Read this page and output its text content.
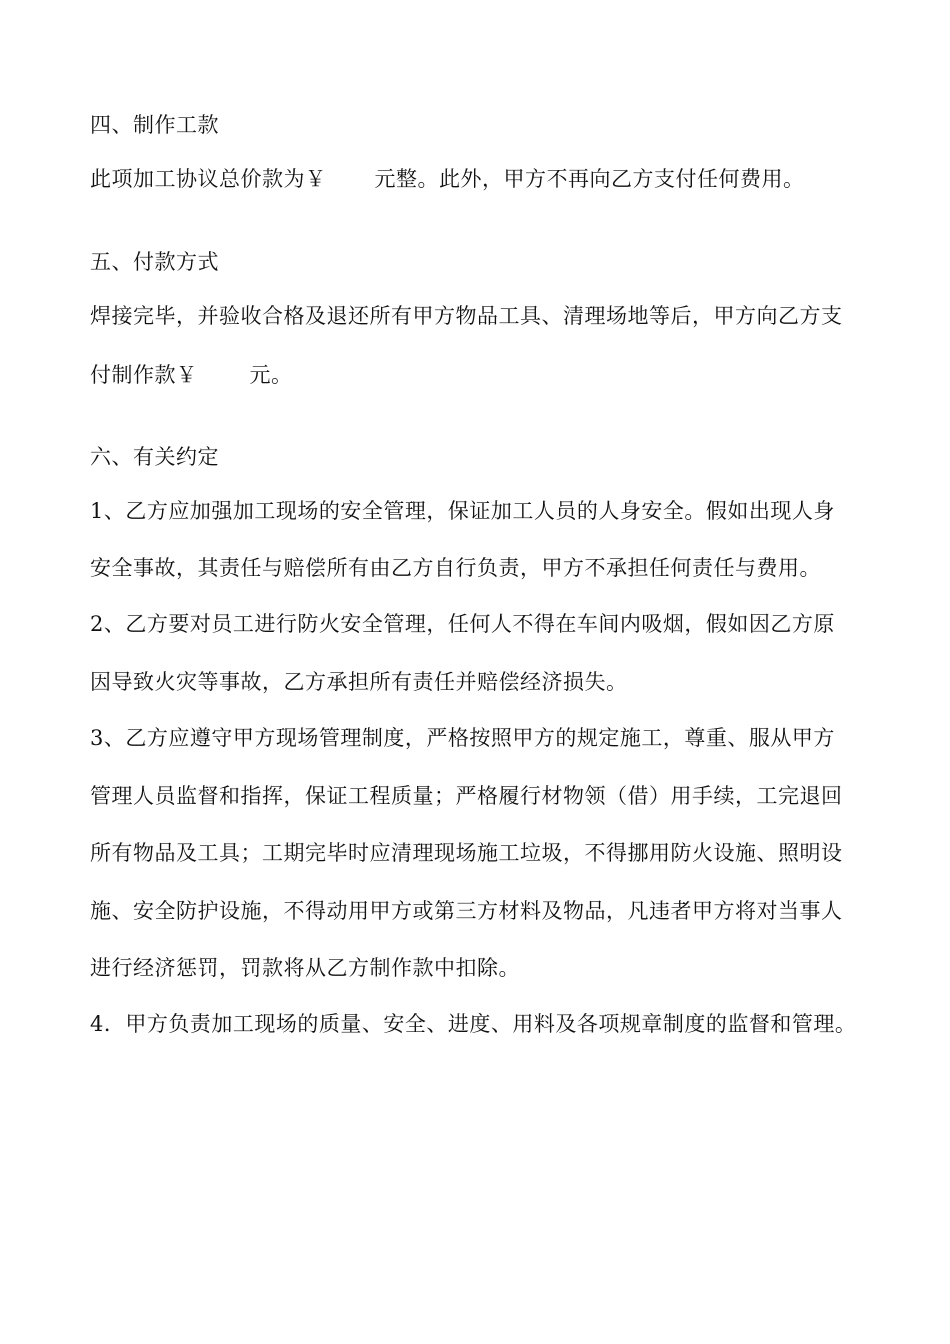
四、制作工款
此项加工协议总价款为￥ 元整。此外，甲方不再向乙方支付任何费用。
五、付款方式
焊接完毕，并验收合格及退还所有甲方物品工具、清理场地等后，甲方向乙方支
付制作款￥ 元。
六、有关约定
1、乙方应加强加工现场的安全管理，保证加工人员的人身安全。假如出现人身
安全事故，其责任与赔偿所有由乙方自行负责，甲方不承担任何责任与费用。
2、乙方要对员工进行防火安全管理，任何人不得在车间内吸烟，假如因乙方原
因导致火灾等事故，乙方承担所有责任并赔偿经济损失。
3、乙方应遵守甲方现场管理制度，严格按照甲方的规定施工，尊重、服从甲方
管理人员监督和指挥，保证工程质量；严格履行材物领（借）用手续，工完退回
所有物品及工具；工期完毕时应清理现场施工垃圾，不得挪用防火设施、照明设
施、安全防护设施，不得动用甲方或第三方材料及物品，凡违者甲方将对当事人
进行经济惩罚，罚款将从乙方制作款中扣除。
4．甲方负责加工现场的质量、安全、进度、用料及各项规章制度的监督和管理。
